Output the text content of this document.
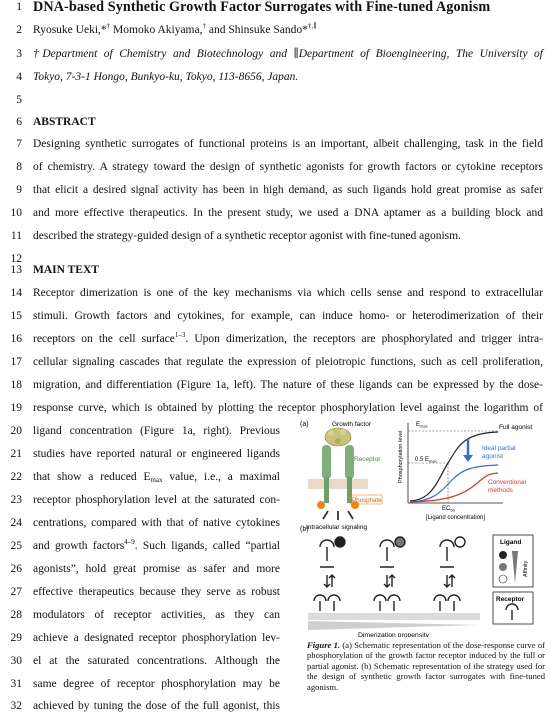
1
2
3
4
5
6
7
8
9
10
11
12
13
14
15
16
17
18
19
20
21
22
23
24
25
26
27
28
29
30
31
32
DNA-based Synthetic Growth Factor Surrogates with Fine-tuned Agonism
Ryosuke Ueki,*† Momoko Akiyama,† and Shinsuke Sando*†,∥
†Department of Chemistry and Biotechnology and ∥Department of Bioengineering, The University of
Tokyo, 7-3-1 Hongo, Bunkyo-ku, Tokyo, 113-8656, Japan.
ABSTRACT
Designing synthetic surrogates of functional proteins is an important, albeit challenging, task in the field
of chemistry. A strategy toward the design of synthetic agonists for growth factors or cytokine receptors
that elicit a desired signal activity has been in high demand, as such ligands hold great promise as safer
and more effective therapeutics. In the present study, we used a DNA aptamer as a building block and
described the strategy-guided design of a synthetic receptor agonist with fine-tuned agonism.
MAIN TEXT
Receptor dimerization is one of the key mechanisms via which cells sense and respond to extracellular
stimuli. Growth factors and cytokines, for example, can induce homo- or heterodimerization of their
receptors on the cell surface$^{1-3}$. Upon dimerization, the receptors are phosphorylated and trigger intra-
cellular signaling cascades that regulate the expression of pleiotropic functions, such as cell proliferation,
migration, and differentiation (Figure 1a, left). The nature of these ligands can be expressed by the dose-
response curve, which is obtained by plotting the receptor phosphorylation level against the logarithm of
ligand concentration (Figure 1a, right). Previous
studies have reported natural or engineered ligands
that show a reduced $E_{max}$ value, i.e., a maximal
receptor phosphorylation level at the saturated con-
centrations, compared with that of native cytokines
and growth factors$^{4-9}$. Such ligands, called “partial
agonists”, hold great promise as safer and more
effective therapeutics because they serve as robust
modulators of receptor activities, as they can
achieve a designated receptor phosphorylation lev-
el at the saturated concentrations. Although the
same degree of receptor phosphorylation may be
achieved by tuning the dose of the full agonist, this
(a)	Growth factor
Receptor
Phosphate
Intracellular signaling
$E_{max}$
0.5 $E_{max}$
Phosphorylation level
Full agonist
Ideal partial
agonist
Conventional
methods
$EC_{50}$
[Ligand concentration]
(b)
Dimerization propensity
Ligand
Affinity
Receptor
Figure 1. (a) Schematic representation of the dose-response curve of phosphorylation of the growth factor receptor induced by the full or partial agonist. (b) Schematic representation of the strategy used for the design of synthetic growth factor surrogates with fine-tuned agonism.
